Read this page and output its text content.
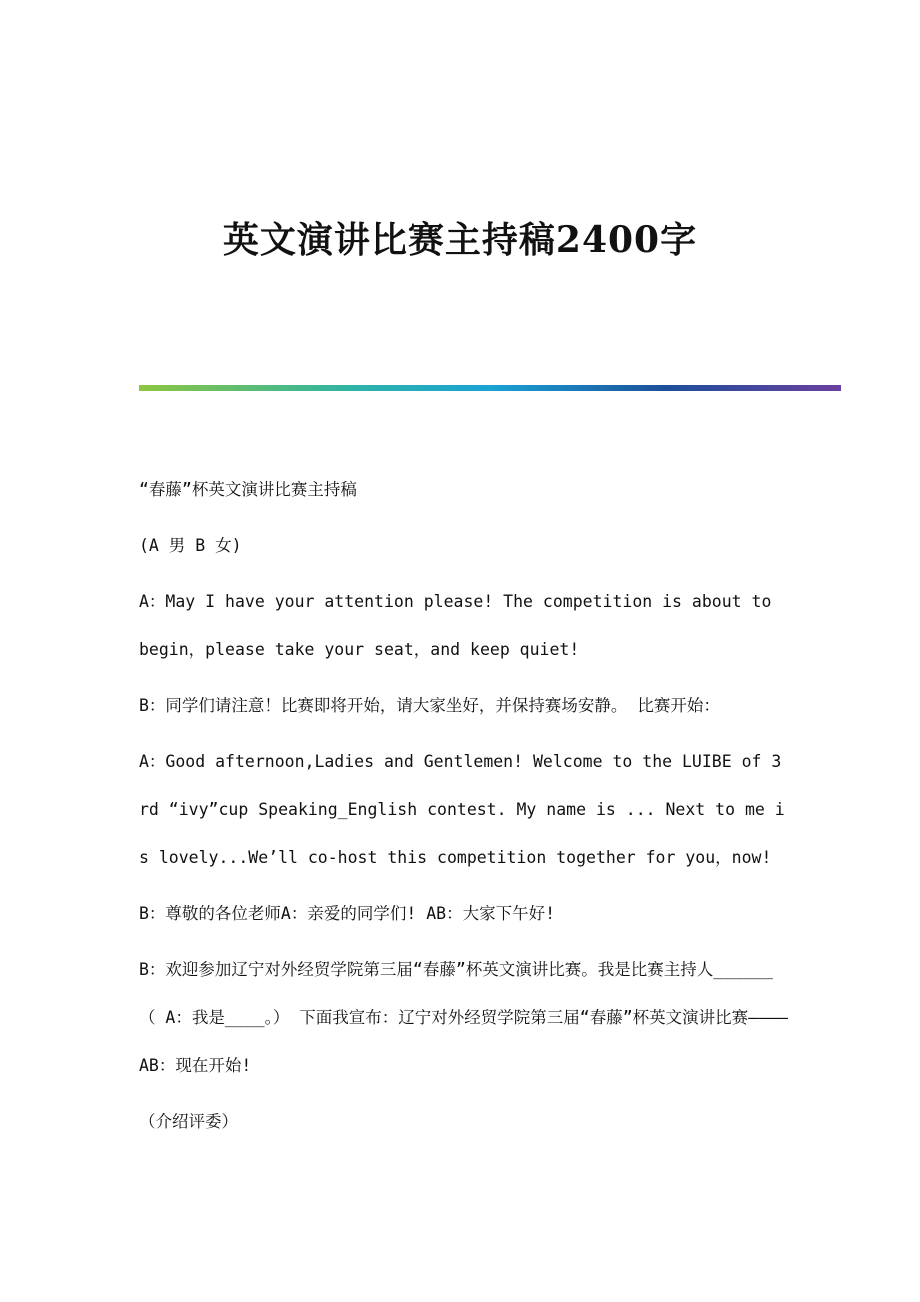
英文演讲比赛主持稿2400字

“春藤”杯英文演讲比赛主持稿

(A 男 B 女)

A：May I have your attention please! The competition is about to begin，please take your seat，and keep quiet!

B：同学们请注意！比赛即将开始，请大家坐好，并保持赛场安静。 比赛开始：

A：Good afternoon,Ladies and Gentlemen! Welcome to the LUIBE of 3rd “ivy”cup Speaking_English contest. My name is ... Next to me is lovely...We’ll co-host this competition together for you，now!

B：尊敬的各位老师A：亲爱的同学们! AB：大家下午好!

B：欢迎参加辽宁对外经贸学院第三届“春藤”杯英文演讲比赛。我是比赛主持人______（ A：我是____。） 下面我宣布：辽宁对外经贸学院第三届“春藤”杯英文演讲比赛————AB：现在开始!

（介绍评委）
